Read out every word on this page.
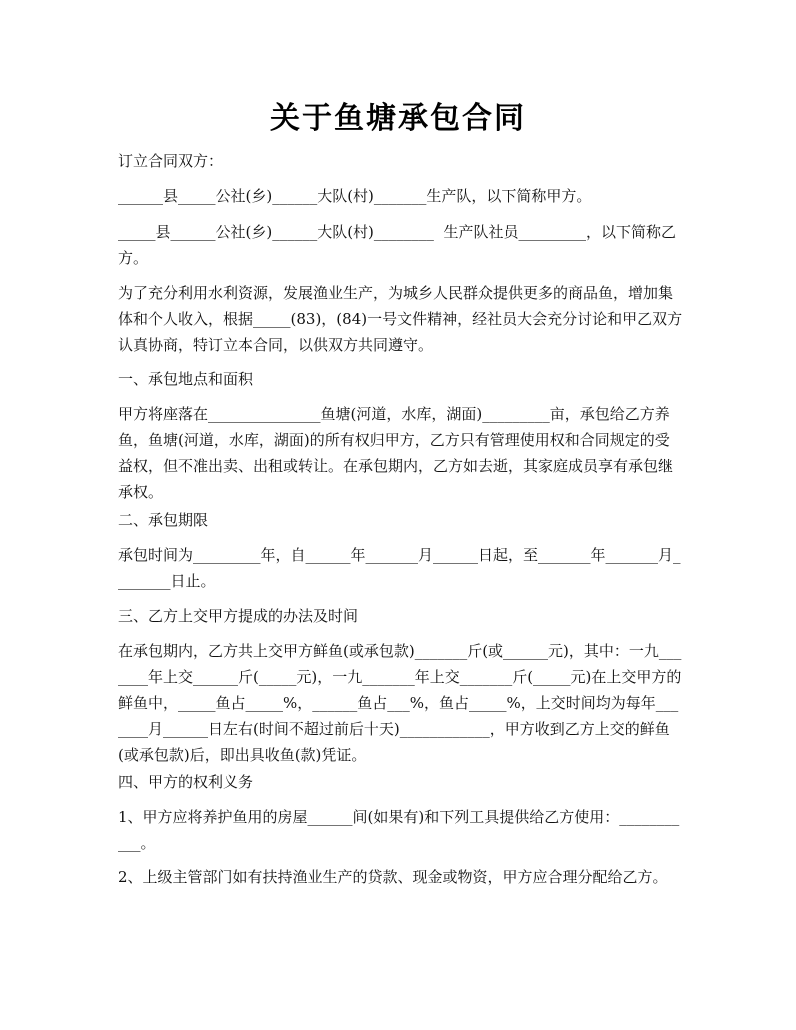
关于鱼塘承包合同

订立合同双方：

______县_____公社(乡)______大队(村)_______生产队，以下简称甲方。

_____县______公社(乡)______大队(村)________  生产队社员_________，以下简称乙方。

为了充分利用水利资源，发展渔业生产，为城乡人民群众提供更多的商品鱼，增加集体和个人收入，根据_____(83)，(84)一号文件精神，经社员大会充分讨论和甲乙双方认真协商，特订立本合同，以供双方共同遵守。

一、承包地点和面积

甲方将座落在_______________鱼塘(河道，水库，湖面)_________亩，承包给乙方养鱼，鱼塘(河道，水库，湖面)的所有权归甲方，乙方只有管理使用权和合同规定的受益权，但不准出卖、出租或转让。在承包期内，乙方如去逝，其家庭成员享有承包继承权。

二、承包期限

承包时间为_________年，自______年_______月______日起，至_______年_______月________日止。

三、乙方上交甲方提成的办法及时间

在承包期内，乙方共上交甲方鲜鱼(或承包款)_______斤(或______元)，其中：一九_______年上交______斤(_____元)，一九_______年上交_______斤(_____元)在上交甲方的鲜鱼中，_____鱼占_____%，______鱼占___%，鱼占_____%，上交时间均为每年_______月______日左右(时间不超过前后十天)____________，甲方收到乙方上交的鲜鱼(或承包款)后，即出具收鱼(款)凭证。

四、甲方的权利义务

1、甲方应将养护鱼用的房屋______间(如果有)和下列工具提供给乙方使用：___________。

2、上级主管部门如有扶持渔业生产的贷款、现金或物资，甲方应合理分配给乙方。
